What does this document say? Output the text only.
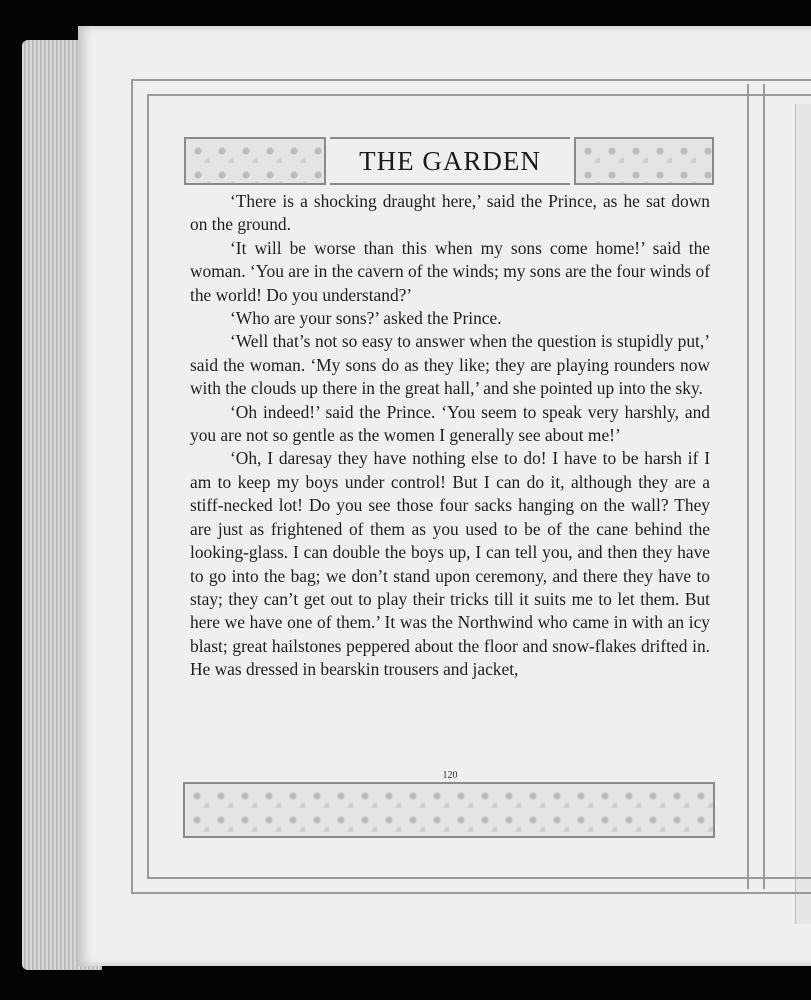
THE GARDEN

‘There is a shocking draught here,’ said the Prince, as he sat down on the ground.

‘It will be worse than this when my sons come home!’ said the woman. ‘You are in the cavern of the winds; my sons are the four winds of the world! Do you understand?’

‘Who are your sons?’ asked the Prince.

‘Well that’s not so easy to answer when the question is stupidly put,’ said the woman. ‘My sons do as they like; they are playing rounders now with the clouds up there in the great hall,’ and she pointed up into the sky.

‘Oh indeed!’ said the Prince. ‘You seem to speak very harshly, and you are not so gentle as the women I generally see about me!’

‘Oh, I daresay they have nothing else to do! I have to be harsh if I am to keep my boys under control! But I can do it, although they are a stiff-necked lot! Do you see those four sacks hanging on the wall? They are just as frightened of them as you used to be of the cane behind the looking-glass. I can double the boys up, I can tell you, and then they have to go into the bag; we don’t stand upon ceremony, and there they have to stay; they can’t get out to play their tricks till it suits me to let them. But here we have one of them.’ It was the Northwind who came in with an icy blast; great hailstones peppered about the floor and snow-flakes drifted in. He was dressed in bearskin trousers and jacket,

120
